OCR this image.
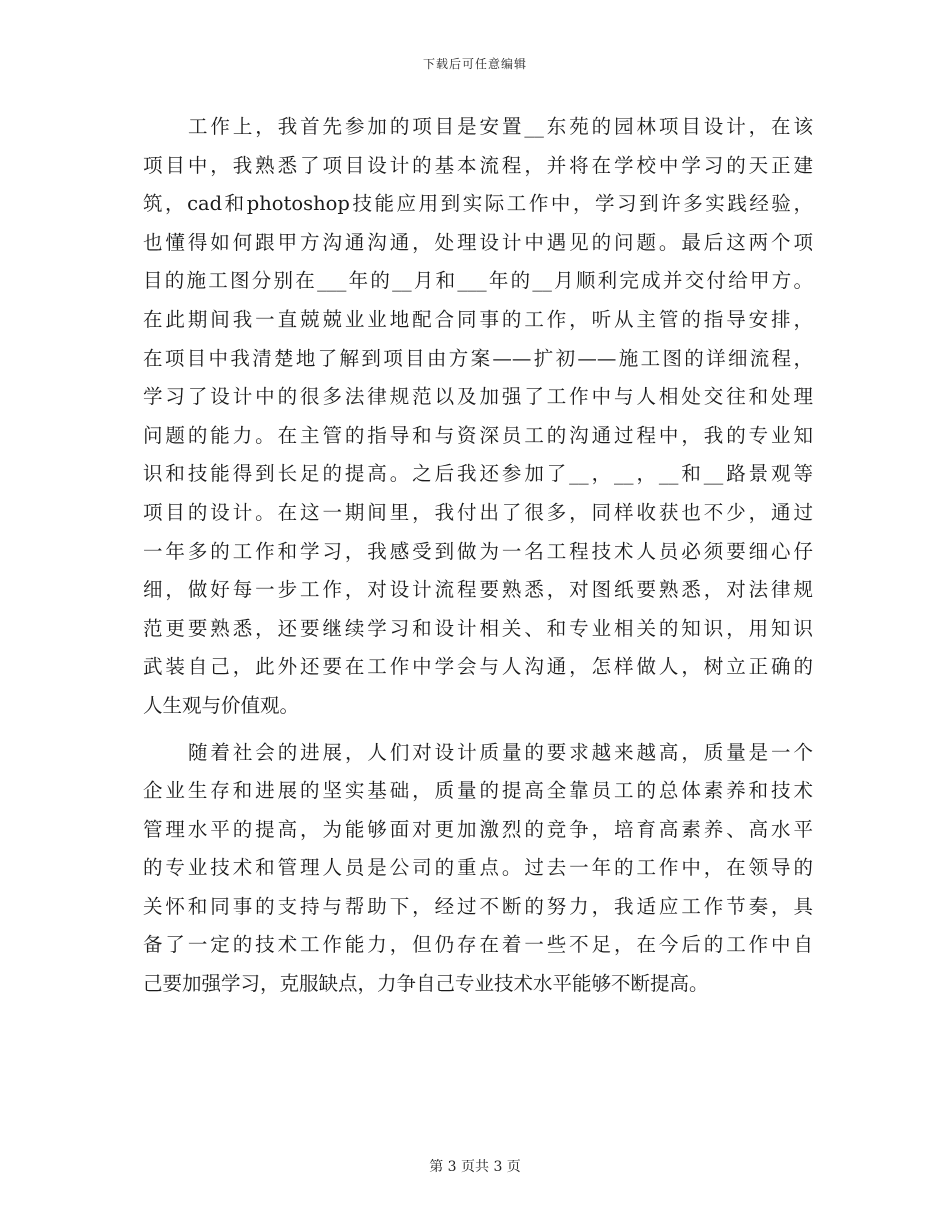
下载后可任意编辑
工作上，我首先参加的项目是安置__东苑的园林项目设计，在该
项目中，我熟悉了项目设计的基本流程，并将在学校中学习的天正建
筑，cad和photoshop技能应用到实际工作中，学习到许多实践经验，
也懂得如何跟甲方沟通沟通，处理设计中遇见的问题。最后这两个项
目的施工图分别在___年的__月和___年的__月顺利完成并交付给甲方。
在此期间我一直兢兢业业地配合同事的工作，听从主管的指导安排，
在项目中我清楚地了解到项目由方案——扩初——施工图的详细流程，
学习了设计中的很多法律规范以及加强了工作中与人相处交往和处理
问题的能力。在主管的指导和与资深员工的沟通过程中，我的专业知
识和技能得到长足的提高。之后我还参加了__，__，__和__路景观等
项目的设计。在这一期间里，我付出了很多，同样收获也不少，通过
一年多的工作和学习，我感受到做为一名工程技术人员必须要细心仔
细，做好每一步工作，对设计流程要熟悉，对图纸要熟悉，对法律规
范更要熟悉，还要继续学习和设计相关、和专业相关的知识，用知识
武装自己，此外还要在工作中学会与人沟通，怎样做人，树立正确的
人生观与价值观。
随着社会的进展，人们对设计质量的要求越来越高，质量是一个
企业生存和进展的坚实基础，质量的提高全靠员工的总体素养和技术
管理水平的提高，为能够面对更加激烈的竞争，培育高素养、高水平
的专业技术和管理人员是公司的重点。过去一年的工作中，在领导的
关怀和同事的支持与帮助下，经过不断的努力，我适应工作节奏，具
备了一定的技术工作能力，但仍存在着一些不足，在今后的工作中自
己要加强学习，克服缺点，力争自己专业技术水平能够不断提高。
第 3 页共 3 页
